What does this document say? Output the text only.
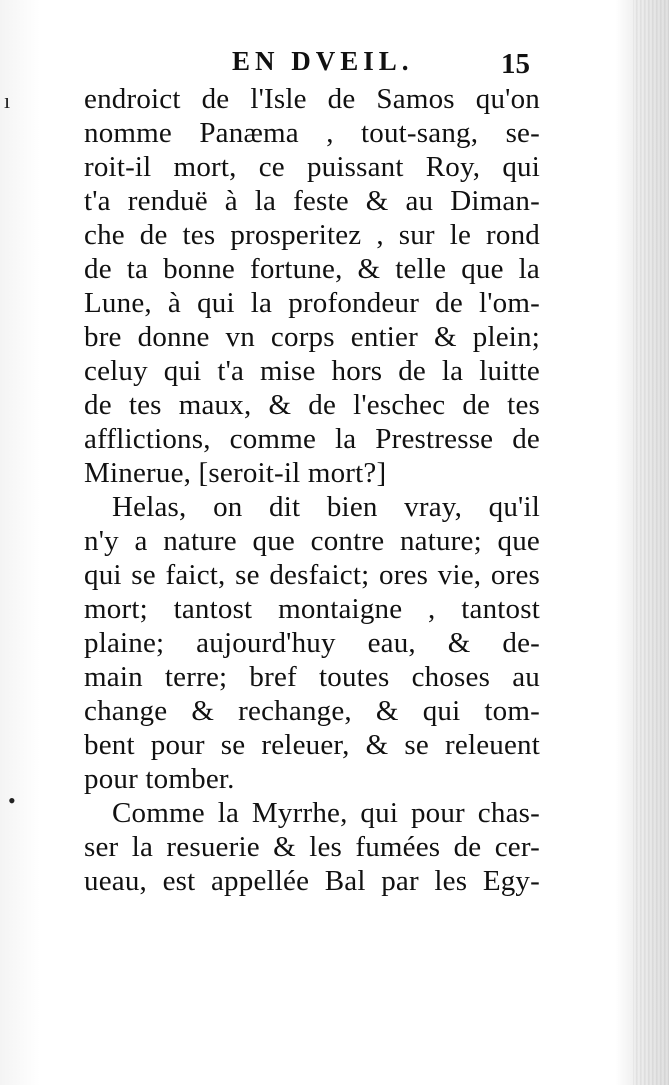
EN DVEIL.	15
ı
•
endroict de l'Isle de Samos qu'on
nomme Panæma , tout-sang, se-
roit-il mort, ce puissant Roy, qui
t'a renduë à la feste & au Diman-
che de tes prosperitez , sur le rond
de ta bonne fortune, & telle que la
Lune, à qui la profondeur de l'om-
bre donne vn corps entier & plein;
celuy qui t'a mise hors de la luitte
de tes maux, & de l'eschec de tes
afflictions, comme la Prestresse de
Minerue, [seroit-il mort?]
Helas, on dit bien vray, qu'il
n'y a nature que contre nature; que
qui se faict, se desfaict; ores vie, ores
mort; tantost montaigne , tantost
plaine; aujourd'huy eau, & de-
main terre; bref toutes choses au
change & rechange, & qui tom-
bent pour se releuer, & se releuent
pour tomber.
Comme la Myrrhe, qui pour chas-
ser la resuerie & les fumées de cer-
ueau, est appellée Bal par les Egy-
